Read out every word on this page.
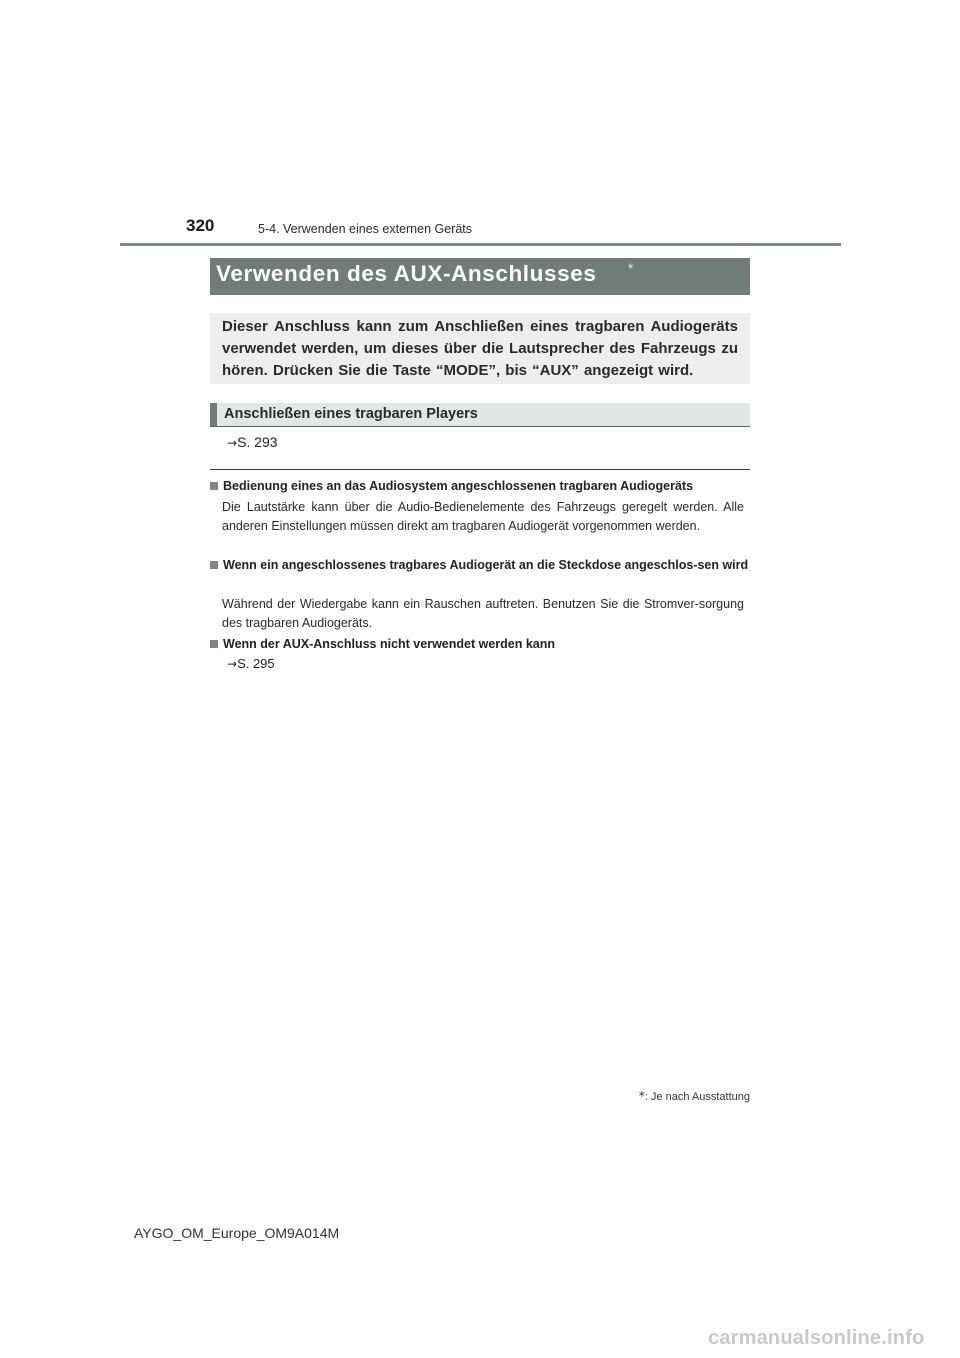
320	5-4. Verwenden eines externen Geräts
Verwenden des AUX-Anschlusses *

Dieser Anschluss kann zum Anschließen eines tragbaren Audiogeräts verwendet werden, um dieses über die Lautsprecher des Fahrzeugs zu hören. Drücken Sie die Taste “MODE”, bis “AUX” angezeigt wird.

Anschließen eines tragbaren Players
→S. 293
Bedienung eines an das Audiosystem angeschlossenen tragbaren Audiogeräts
Die Lautstärke kann über die Audio-Bedienelemente des Fahrzeugs geregelt werden. Alle anderen Einstellungen müssen direkt am tragbaren Audiogerät vorgenommen werden.
Wenn ein angeschlossenes tragbares Audiogerät an die Steckdose angeschlos-sen wird
Während der Wiedergabe kann ein Rauschen auftreten. Benutzen Sie die Stromver-sorgung des tragbaren Audiogeräts.
Wenn der AUX-Anschluss nicht verwendet werden kann
→S. 295
*: Je nach Ausstattung
AYGO_OM_Europe_OM9A014M
carmanualsonline.info
